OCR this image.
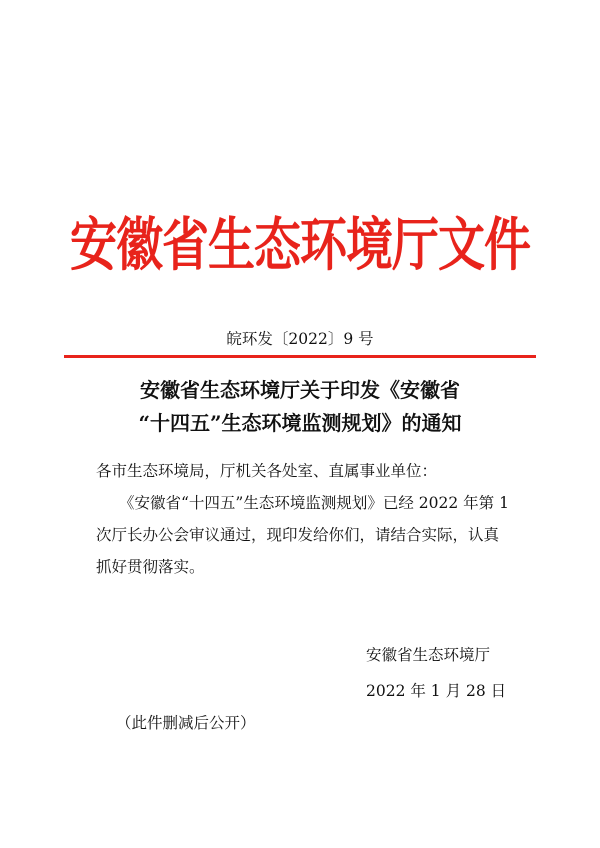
安徽省生态环境厅文件
皖环发〔2022〕9 号
安徽省生态环境厅关于印发《安徽省
“十四五”生态环境监测规划》的通知
各市生态环境局，厅机关各处室、直属事业单位：
《安徽省“十四五”生态环境监测规划》已经 2022 年第 1
次厅长办公会审议通过，现印发给你们，请结合实际，认真
抓好贯彻落实。
安徽省生态环境厅
2022 年 1 月 28 日
（此件删减后公开）
